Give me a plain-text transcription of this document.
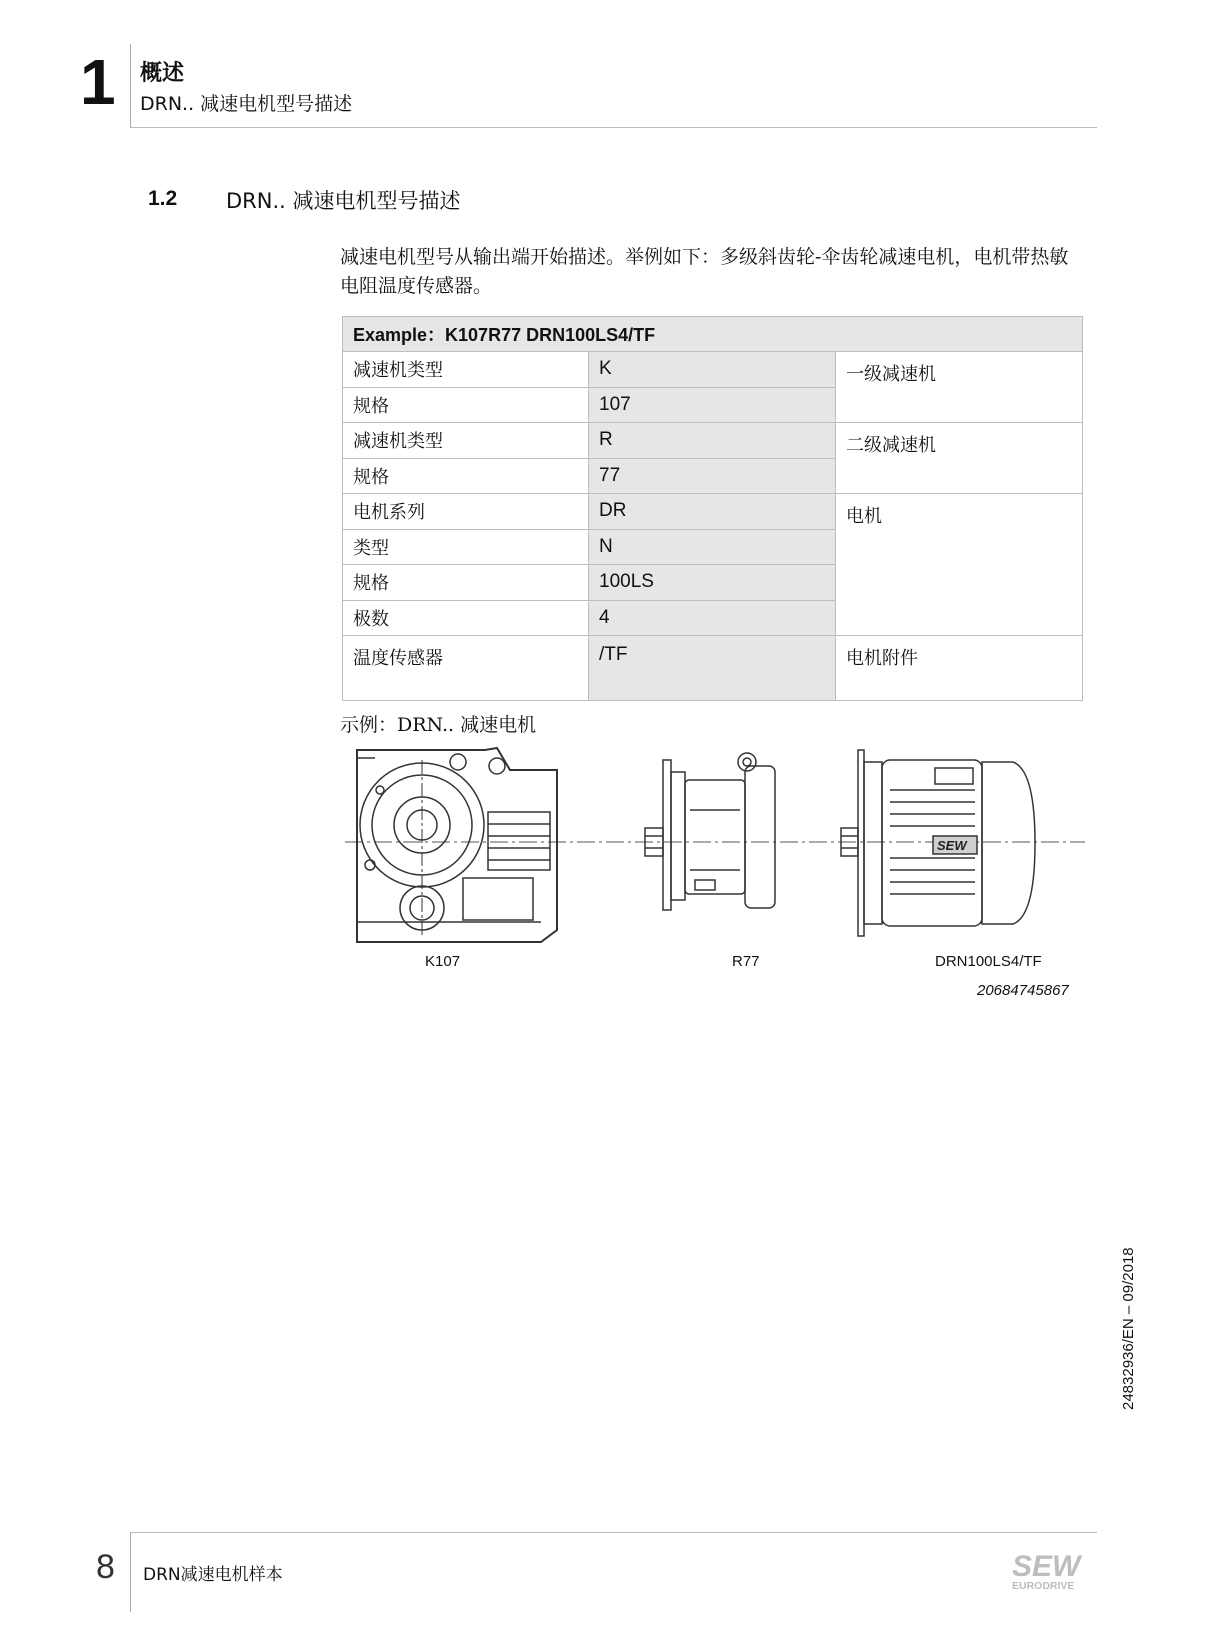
1 概述
DRN.. 减速电机型号描述
1.2 DRN.. 减速电机型号描述
减速电机型号从输出端开始描述。举例如下：多级斜齿轮-伞齿轮减速电机，电机带热敏电阻温度传感器。
Example：K107R77 DRN100LS4/TF		
减速机类型	K	一级减速机
规格	107	
减速机类型	R	二级减速机
规格	77	
电机系列	DR	电机
类型	N	
规格	100LS	
极数	4	
温度传感器	/TF	电机附件
示例：DRN.. 减速电机
SEW
K107	R77	DRN100LS4/TF
20684745867
24832936/EN – 09/2018
8 DRN减速电机样本	SEW
EURODRIVE
